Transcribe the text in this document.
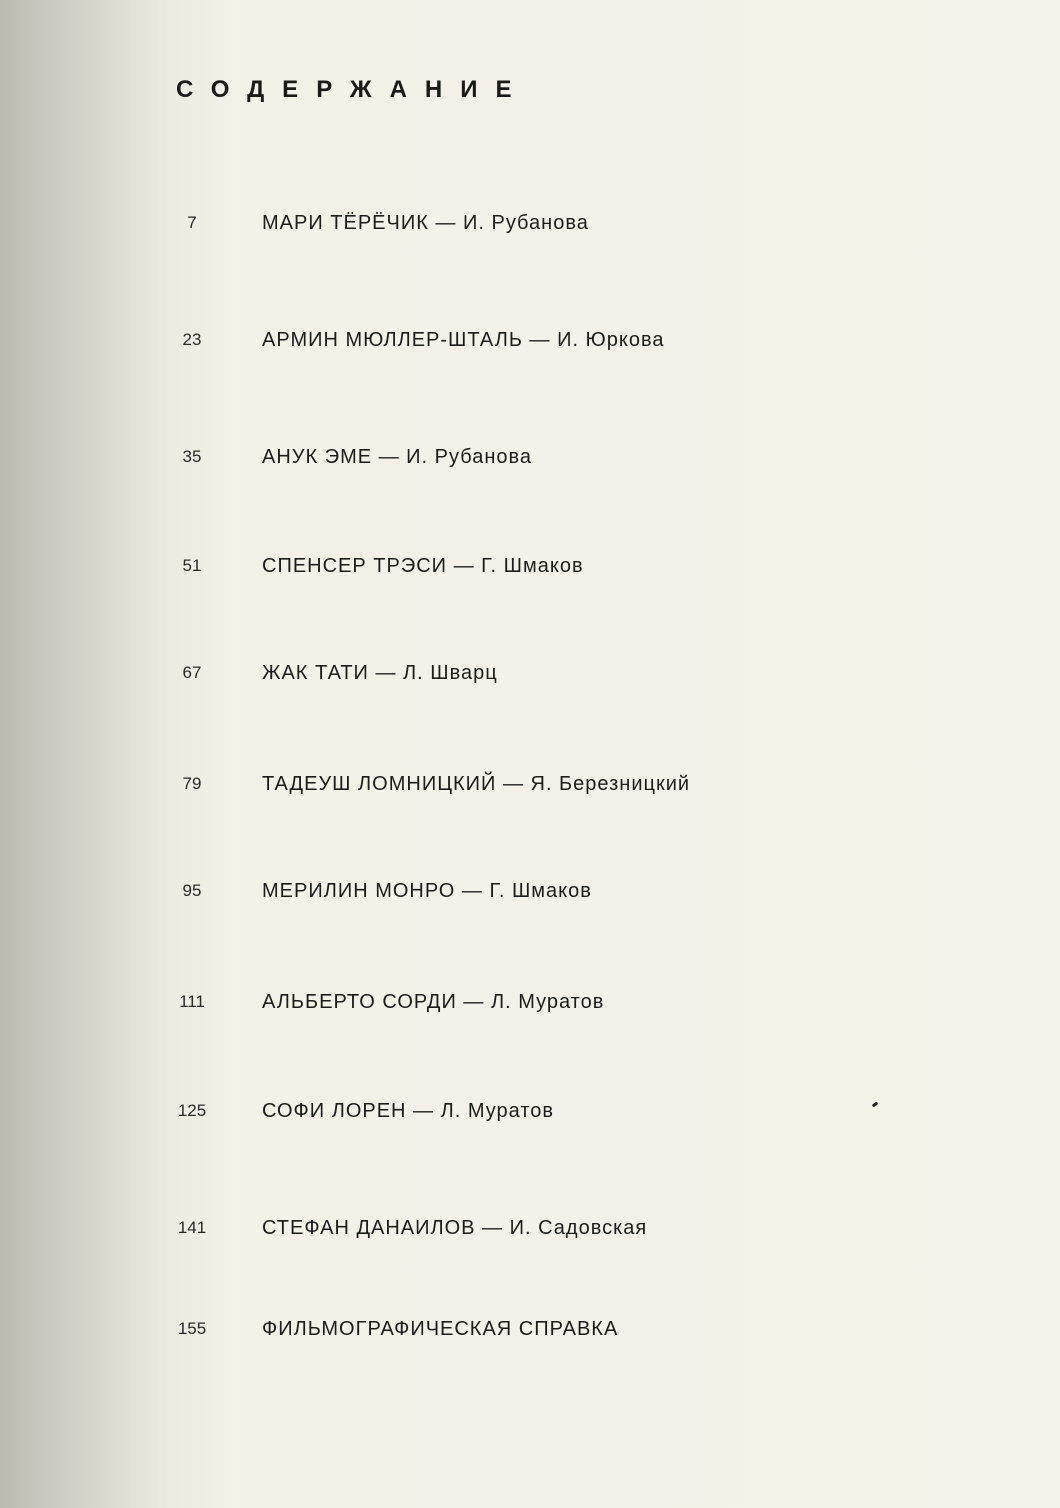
СОДЕРЖАНИЕ
7	МАРИ ТЁРЁЧИК — И. Рубанова
23	АРМИН МЮЛЛЕР-ШТАЛЬ — И. Юркова
35	АНУК ЭМЕ — И. Рубанова
51	СПЕНСЕР ТРЭСИ — Г. Шмаков
67	ЖАК ТАТИ — Л. Шварц
79	ТАДЕУШ ЛОМНИЦКИЙ — Я. Березницкий
95	МЕРИЛИН МОНРО — Г. Шмаков
111	АЛЬБЕРТО СОРДИ — Л. Муратов
125	СОФИ ЛОРЕН — Л. Муратов
141	СТЕФАН ДАНАИЛОВ — И. Садовская
155	ФИЛЬМОГРАФИЧЕСКАЯ СПРАВКА
